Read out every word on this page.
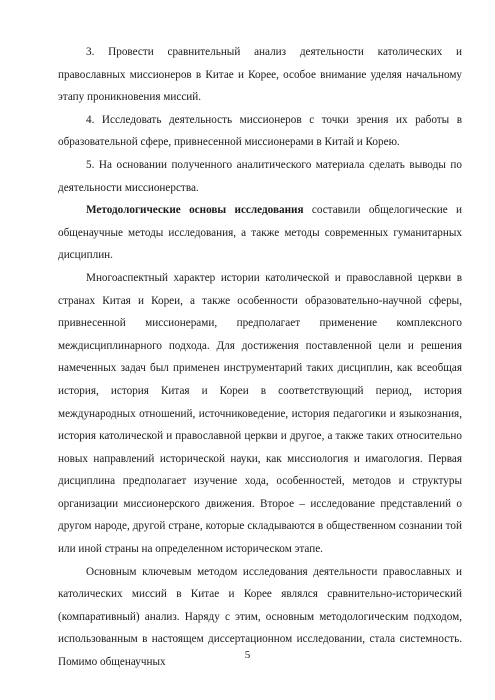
3. Провести сравнительный анализ деятельности католических и православных миссионеров в Китае и Корее, особое внимание уделяя начальному этапу проникновения миссий.

4. Исследовать деятельность миссионеров с точки зрения их работы в образовательной сфере, привнесенной миссионерами в Китай и Корею.

5. На основании полученного аналитического материала сделать выводы по деятельности миссионерства.

Методологические основы исследования составили общелогические и общенаучные методы исследования, а также методы современных гуманитарных дисциплин.

Многоаспектный характер истории католической и православной церкви в странах Китая и Кореи, а также особенности образовательно-научной сферы, привнесенной миссионерами, предполагает применение комплексного междисциплинарного подхода. Для достижения поставленной цели и решения намеченных задач был применен инструментарий таких дисциплин, как всеобщая история, история Китая и Кореи в соответствующий период, история международных отношений, источниковедение, история педагогики и языкознания, история католической и православной церкви и другое, а также таких относительно новых направлений исторической науки, как миссиология и имагология. Первая дисциплина предполагает изучение хода, особенностей, методов и структуры организации миссионерского движения. Второе – исследование представлений о другом народе, другой стране, которые складываются в общественном сознании той или иной страны на определенном историческом этапе.

Основным ключевым методом исследования деятельности православных и католических миссий в Китае и Корее являлся сравнительно-исторический (компаративный) анализ. Наряду с этим, основным методологическим подходом, использованным в настоящем диссертационном исследовании, стала системность. Помимо общенаучных

5
